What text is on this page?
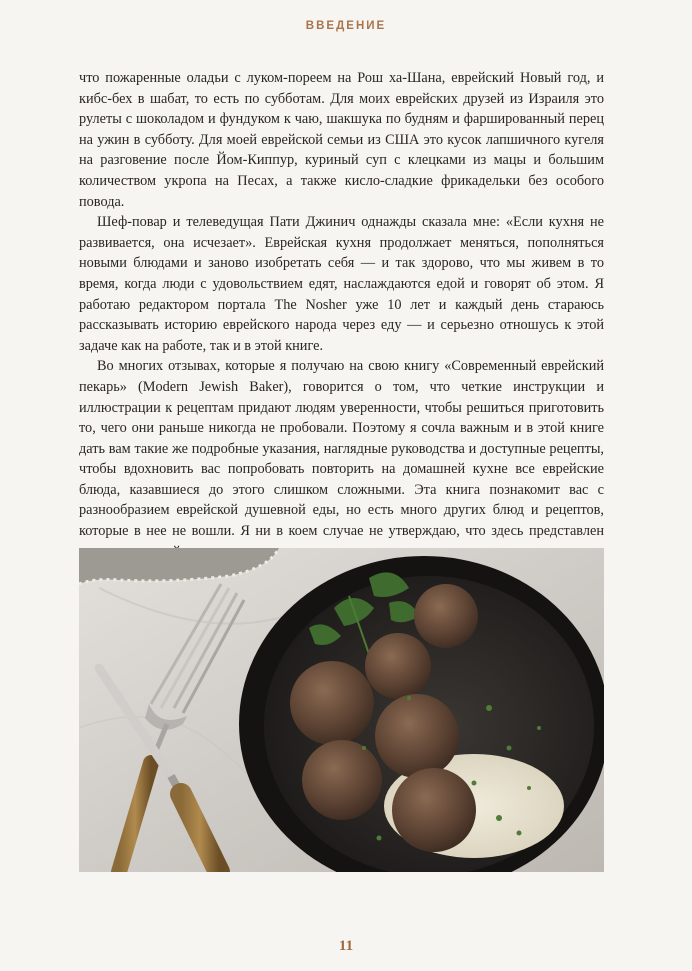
ВВЕДЕНИЕ

что пожаренные оладьи с луком-пореем на Рош ха-Шана, еврейский Новый год, и кибс-бех в шабат, то есть по субботам. Для моих еврейских друзей из Израиля это рулеты с шоколадом и фундуком к чаю, шакшука по будням и фаршированный перец на ужин в субботу. Для моей еврейской семьи из США это кусок лапшичного кугеля на разговение после Йом-Киппур, куриный суп с клецками из мацы и большим количеством укропа на Песах, а также кисло-сладкие фрикадельки без особого повода.

Шеф-повар и телеведущая Пати Джинич однажды сказала мне: «Если кухня не развивается, она исчезает». Еврейская кухня продолжает меняться, пополняться новыми блюдами и заново изобретать себя — и так здорово, что мы живем в то время, когда люди с удовольствием едят, наслаждаются едой и говорят об этом. Я работаю редактором портала The Nosher уже 10 лет и каждый день стараюсь рассказывать историю еврейского народа через еду — и серьезно отношусь к этой задаче как на работе, так и в этой книге.

Во многих отзывах, которые я получаю на свою книгу «Современный еврейский пекарь» (Modern Jewish Baker), говорится о том, что четкие инструкции и иллюстрации к рецептам придают людям уверенности, чтобы решиться приготовить то, чего они раньше никогда не пробовали. Поэтому я сочла важным и в этой книге дать вам такие же подробные указания, наглядные руководства и доступные рецепты, чтобы вдохновить вас попробовать повторить на домашней кухне все еврейские блюда, казавшиеся до этого слишком сложными. Эта книга познакомит вас с разнообразием еврейской душевной еды, но есть много других блюд и рецептов, которые в нее не вошли. Я ни в коем случае не утверждаю, что здесь представлен

11
